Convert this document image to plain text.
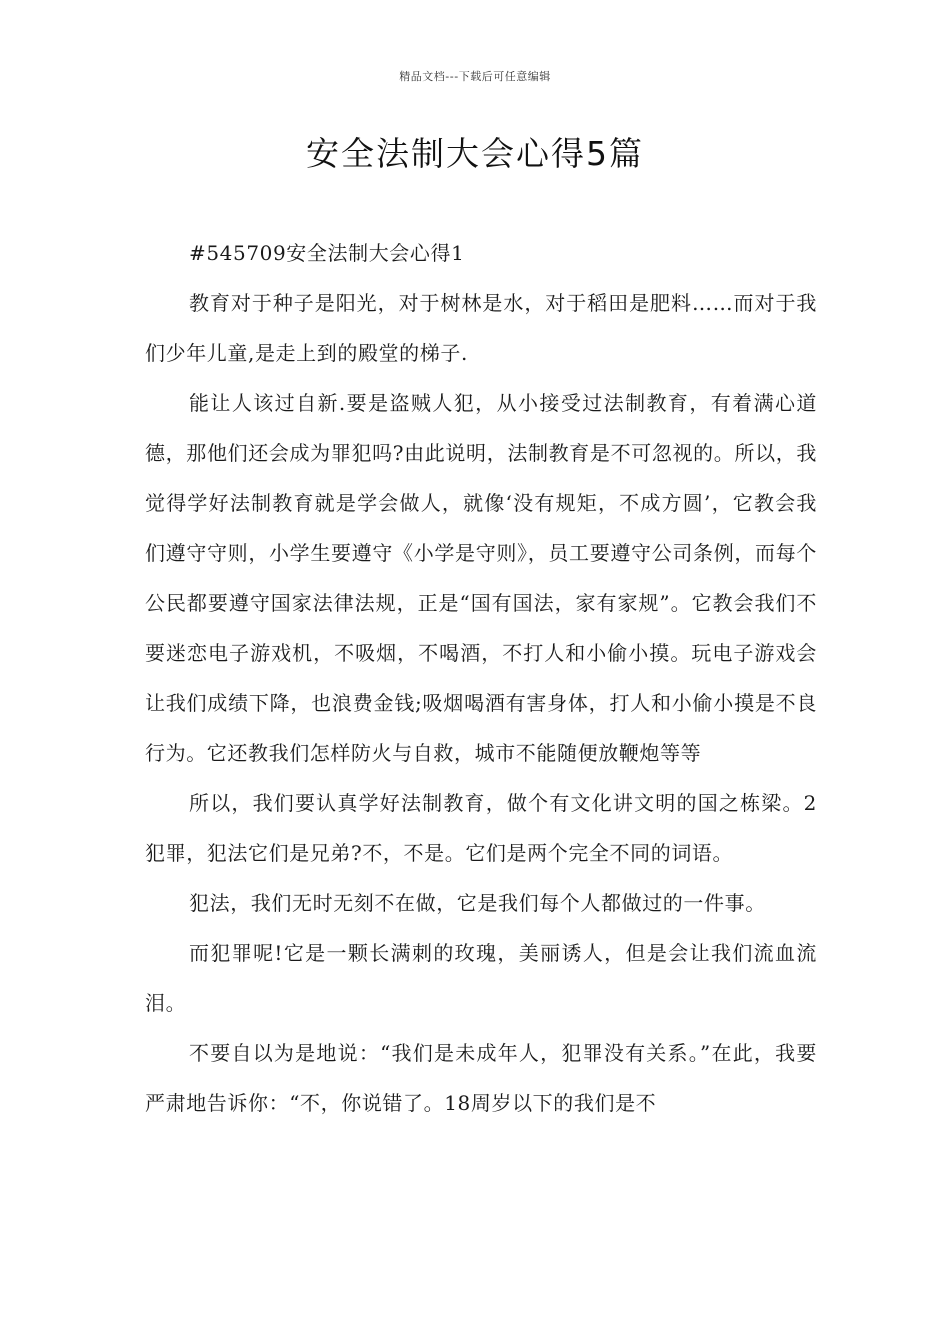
精品文档---下载后可任意编辑
安全法制大会心得5篇

#545709安全法制大会心得1

教育对于种子是阳光，对于树林是水，对于稻田是肥料……而对于我们少年儿童,是走上到的殿堂的梯子.

能让人该过自新.要是盗贼人犯，从小接受过法制教育，有着满心道德，那他们还会成为罪犯吗?由此说明，法制教育是不可忽视的。所以，我觉得学好法制教育就是学会做人，就像‘没有规矩，不成方圆’，它教会我们遵守守则，小学生要遵守《小学是守则》，员工要遵守公司条例，而每个公民都要遵守国家法律法规，正是“国有国法，家有家规”。它教会我们不要迷恋电子游戏机，不吸烟，不喝酒，不打人和小偷小摸。玩电子游戏会让我们成绩下降，也浪费金钱;吸烟喝酒有害身体，打人和小偷小摸是不良行为。它还教我们怎样防火与自救，城市不能随便放鞭炮等等

所以，我们要认真学好法制教育，做个有文化讲文明的国之栋梁。2犯罪，犯法它们是兄弟?不，不是。它们是两个完全不同的词语。

犯法，我们无时无刻不在做，它是我们每个人都做过的一件事。

而犯罪呢!它是一颗长满刺的玫瑰，美丽诱人，但是会让我们流血流泪。

不要自以为是地说：“我们是未成年人，犯罪没有关系。”在此，我要严肃地告诉你：“不，你说错了。18周岁以下的我们是不
